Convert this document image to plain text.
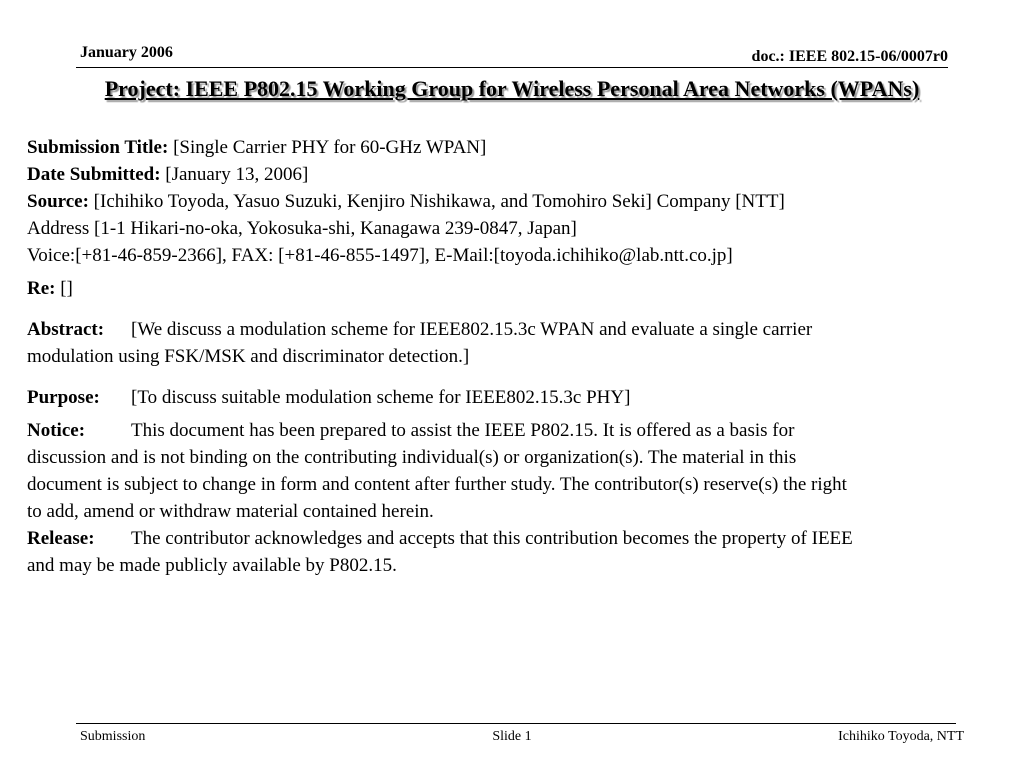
January 2006	doc.: IEEE 802.15-06/0007r0
Project: IEEE P802.15 Working Group for Wireless Personal Area Networks (WPANs)
Submission Title: [Single Carrier PHY for 60-GHz WPAN]
Date Submitted: [January 13, 2006]
Source: [Ichihiko Toyoda, Yasuo Suzuki, Kenjiro Nishikawa, and Tomohiro Seki] Company [NTT]
Address [1-1 Hikari-no-oka, Yokosuka-shi, Kanagawa 239-0847, Japan]
Voice:[+81-46-859-2366], FAX: [+81-46-855-1497], E-Mail:[toyoda.ichihiko@lab.ntt.co.jp]
Re: []
Abstract: [We discuss a modulation scheme for IEEE802.15.3c WPAN and evaluate a single carrier
modulation using FSK/MSK and discriminator detection.]
Purpose: [To discuss suitable modulation scheme for IEEE802.15.3c PHY]
Notice: This document has been prepared to assist the IEEE P802.15. It is offered as a basis for
discussion and is not binding on the contributing individual(s) or organization(s). The material in this
document is subject to change in form and content after further study. The contributor(s) reserve(s) the right
to add, amend or withdraw material contained herein.
Release: The contributor acknowledges and accepts that this contribution becomes the property of IEEE
and may be made publicly available by P802.15.
Submission	Slide 1	Ichihiko Toyoda, NTT
